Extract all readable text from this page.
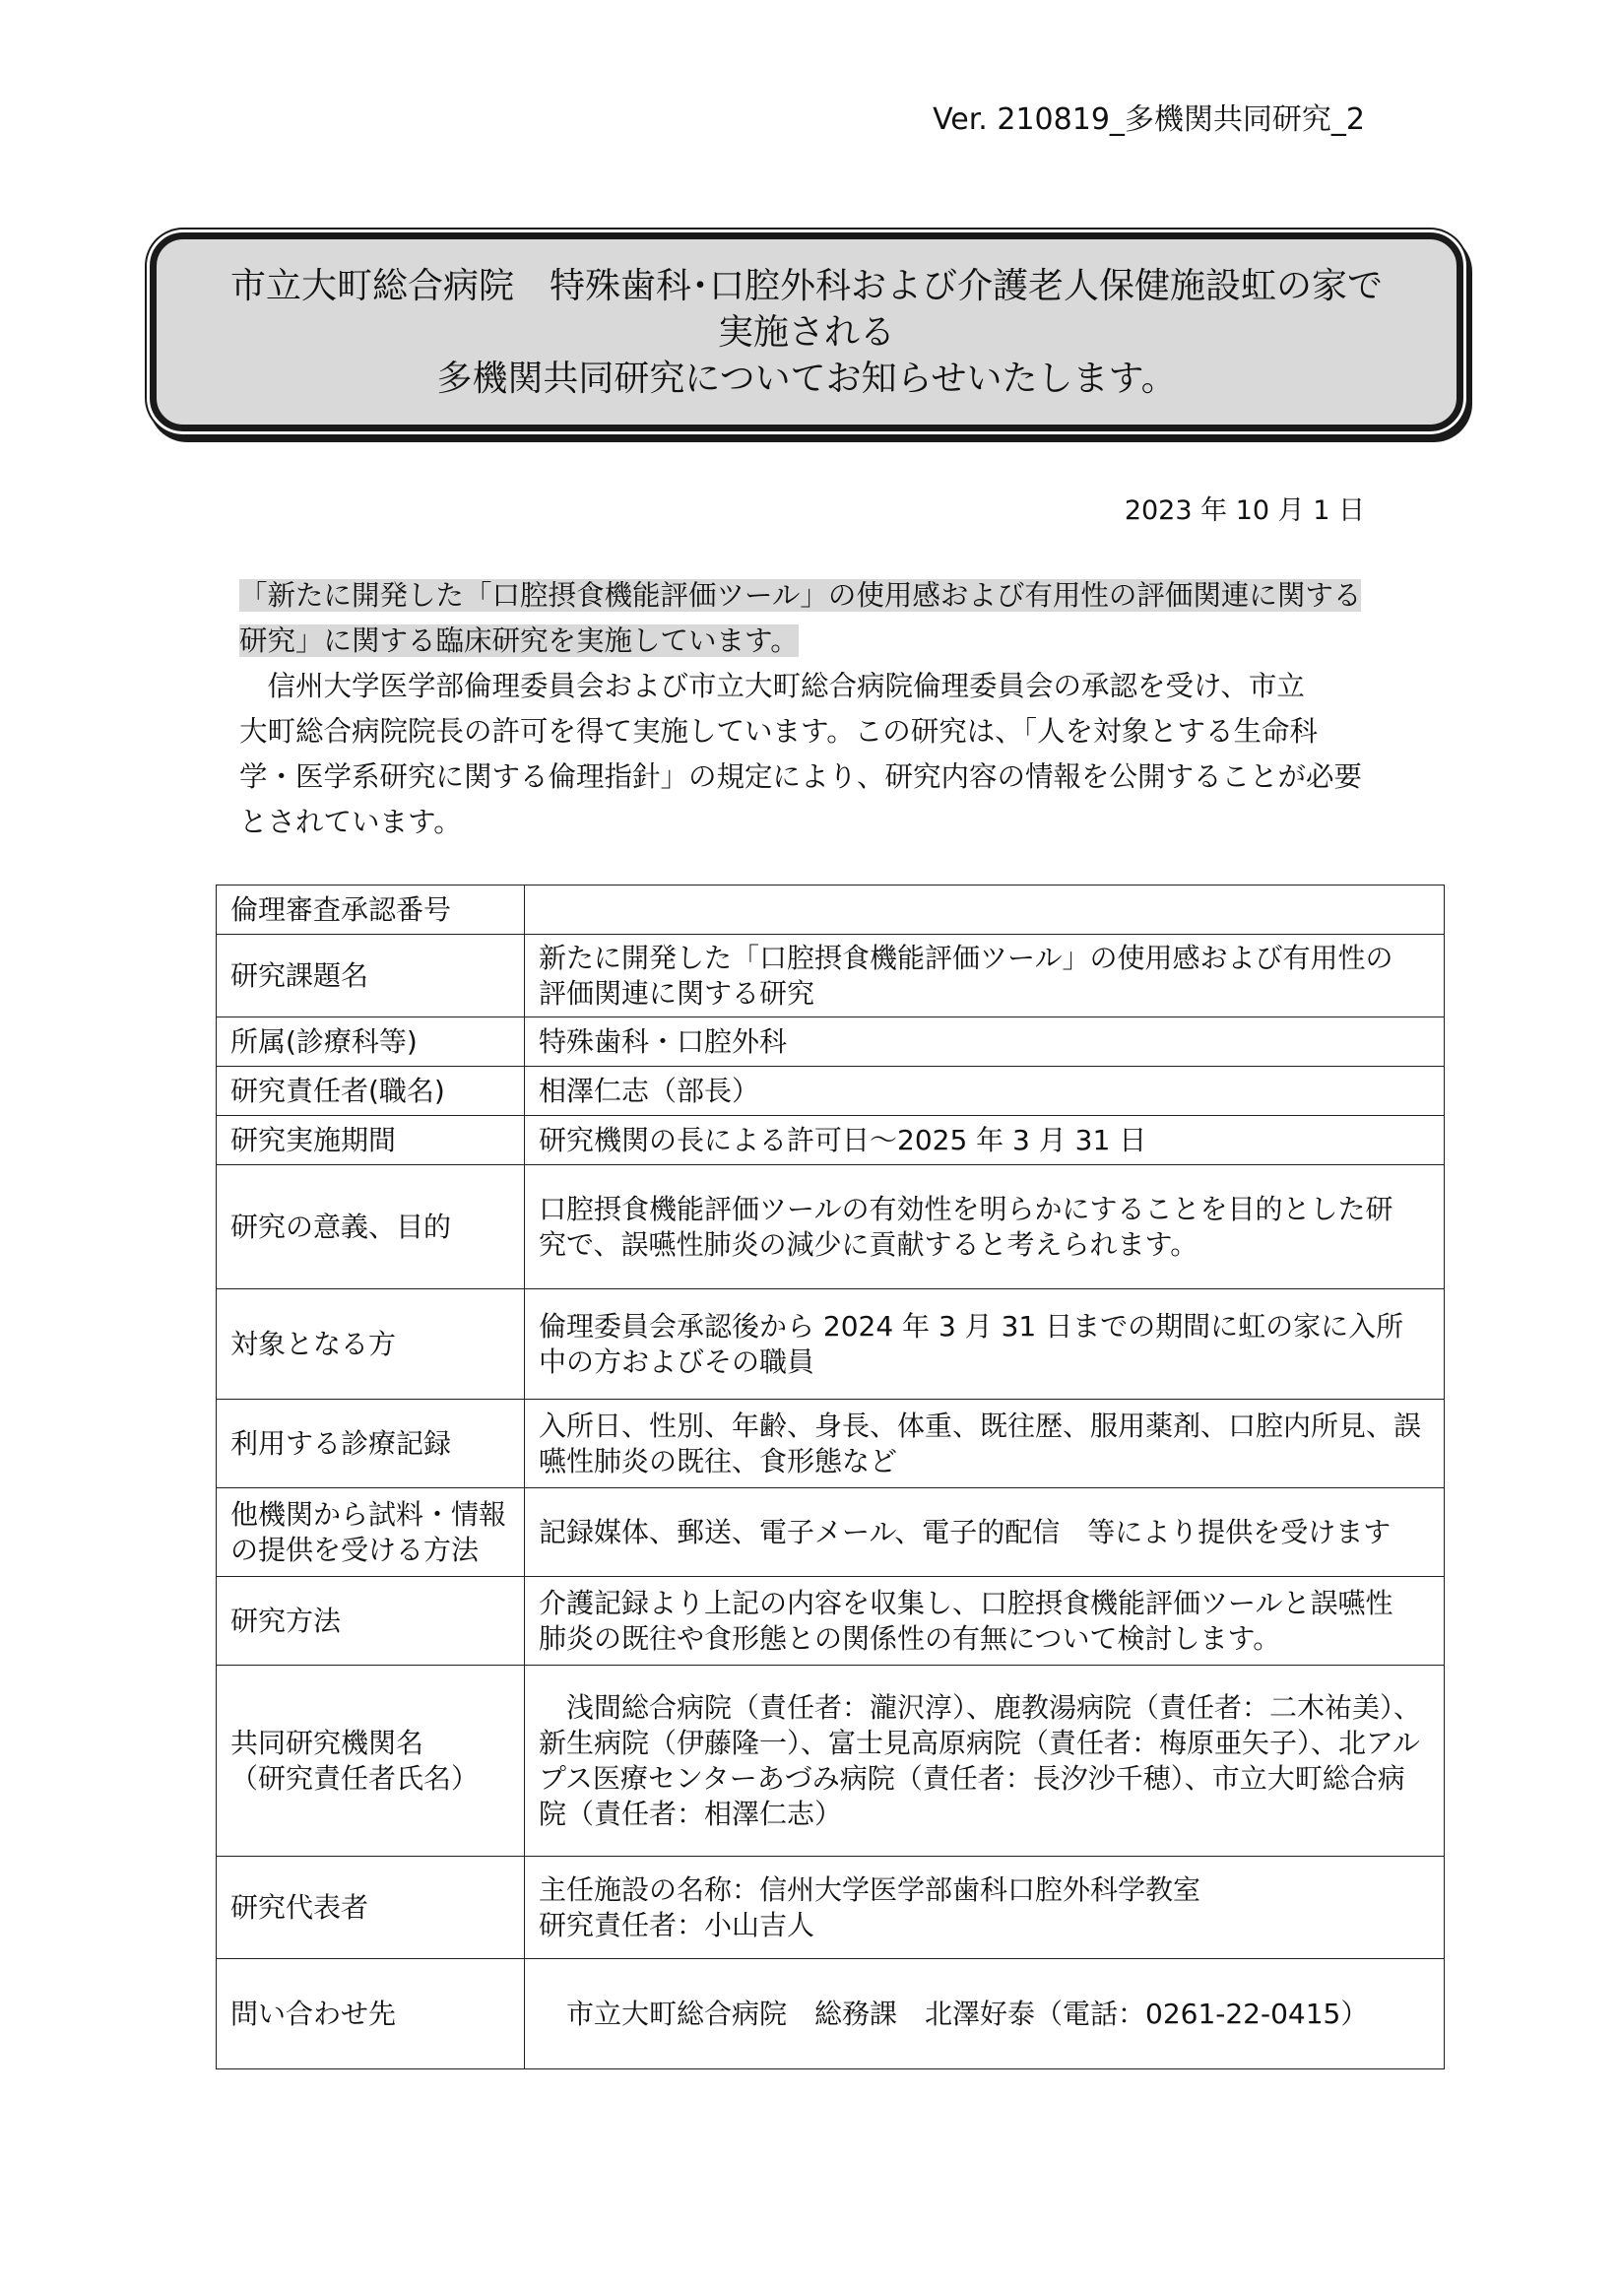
Ver. 210819_多機関共同研究_2
市立大町総合病院　特殊歯科･口腔外科および介護老人保健施設虹の家で
実施される
多機関共同研究についてお知らせいたします。
2023 年 10 月 1 日
「新たに開発した「口腔摂食機能評価ツール」の使用感および有用性の評価関連に関する
研究」に関する臨床研究を実施しています。
　信州大学医学部倫理委員会および市立大町総合病院倫理委員会の承認を受け、市立
大町総合病院院長の許可を得て実施しています。この研究は、「人を対象とする生命科
学・医学系研究に関する倫理指針」の規定により、研究内容の情報を公開することが必要
とされています。
倫理審査承認番号	

研究課題名	新たに開発した「口腔摂食機能評価ツール」の使用感および有用性の
評価関連に関する研究

所属(診療科等)	特殊歯科・口腔外科

研究責任者(職名)	相澤仁志（部長）

研究実施期間	研究機関の長による許可日～2025 年 3 月 31 日

研究の意義、目的	口腔摂食機能評価ツールの有効性を明らかにすることを目的とした研
究で、誤嚥性肺炎の減少に貢献すると考えられます。

対象となる方	倫理委員会承認後から 2024 年 3 月 31 日までの期間に虹の家に入所
中の方およびその職員

利用する診療記録	入所日、性別、年齢、身長、体重、既往歴、服用薬剤、口腔内所見、誤
嚥性肺炎の既往、食形態など

他機関から試料・情報
の提供を受ける方法	記録媒体、郵送、電子メール、電子的配信　等により提供を受けます

研究方法	介護記録より上記の内容を収集し、口腔摂食機能評価ツールと誤嚥性
肺炎の既往や食形態との関係性の有無について検討します。

共同研究機関名
（研究責任者氏名）	　浅間総合病院（責任者：瀧沢淳）、鹿教湯病院（責任者：二木祐美）、
新生病院（伊藤隆一）、富士見高原病院（責任者：梅原亜矢子）、北アル
プス医療センターあづみ病院（責任者：長汐沙千穂）、市立大町総合病
院（責任者：相澤仁志）

研究代表者	主任施設の名称：信州大学医学部歯科口腔外科学教室
研究責任者：小山吉人

問い合わせ先	　市立大町総合病院　総務課　北澤好泰（電話：0261-22-0415）
